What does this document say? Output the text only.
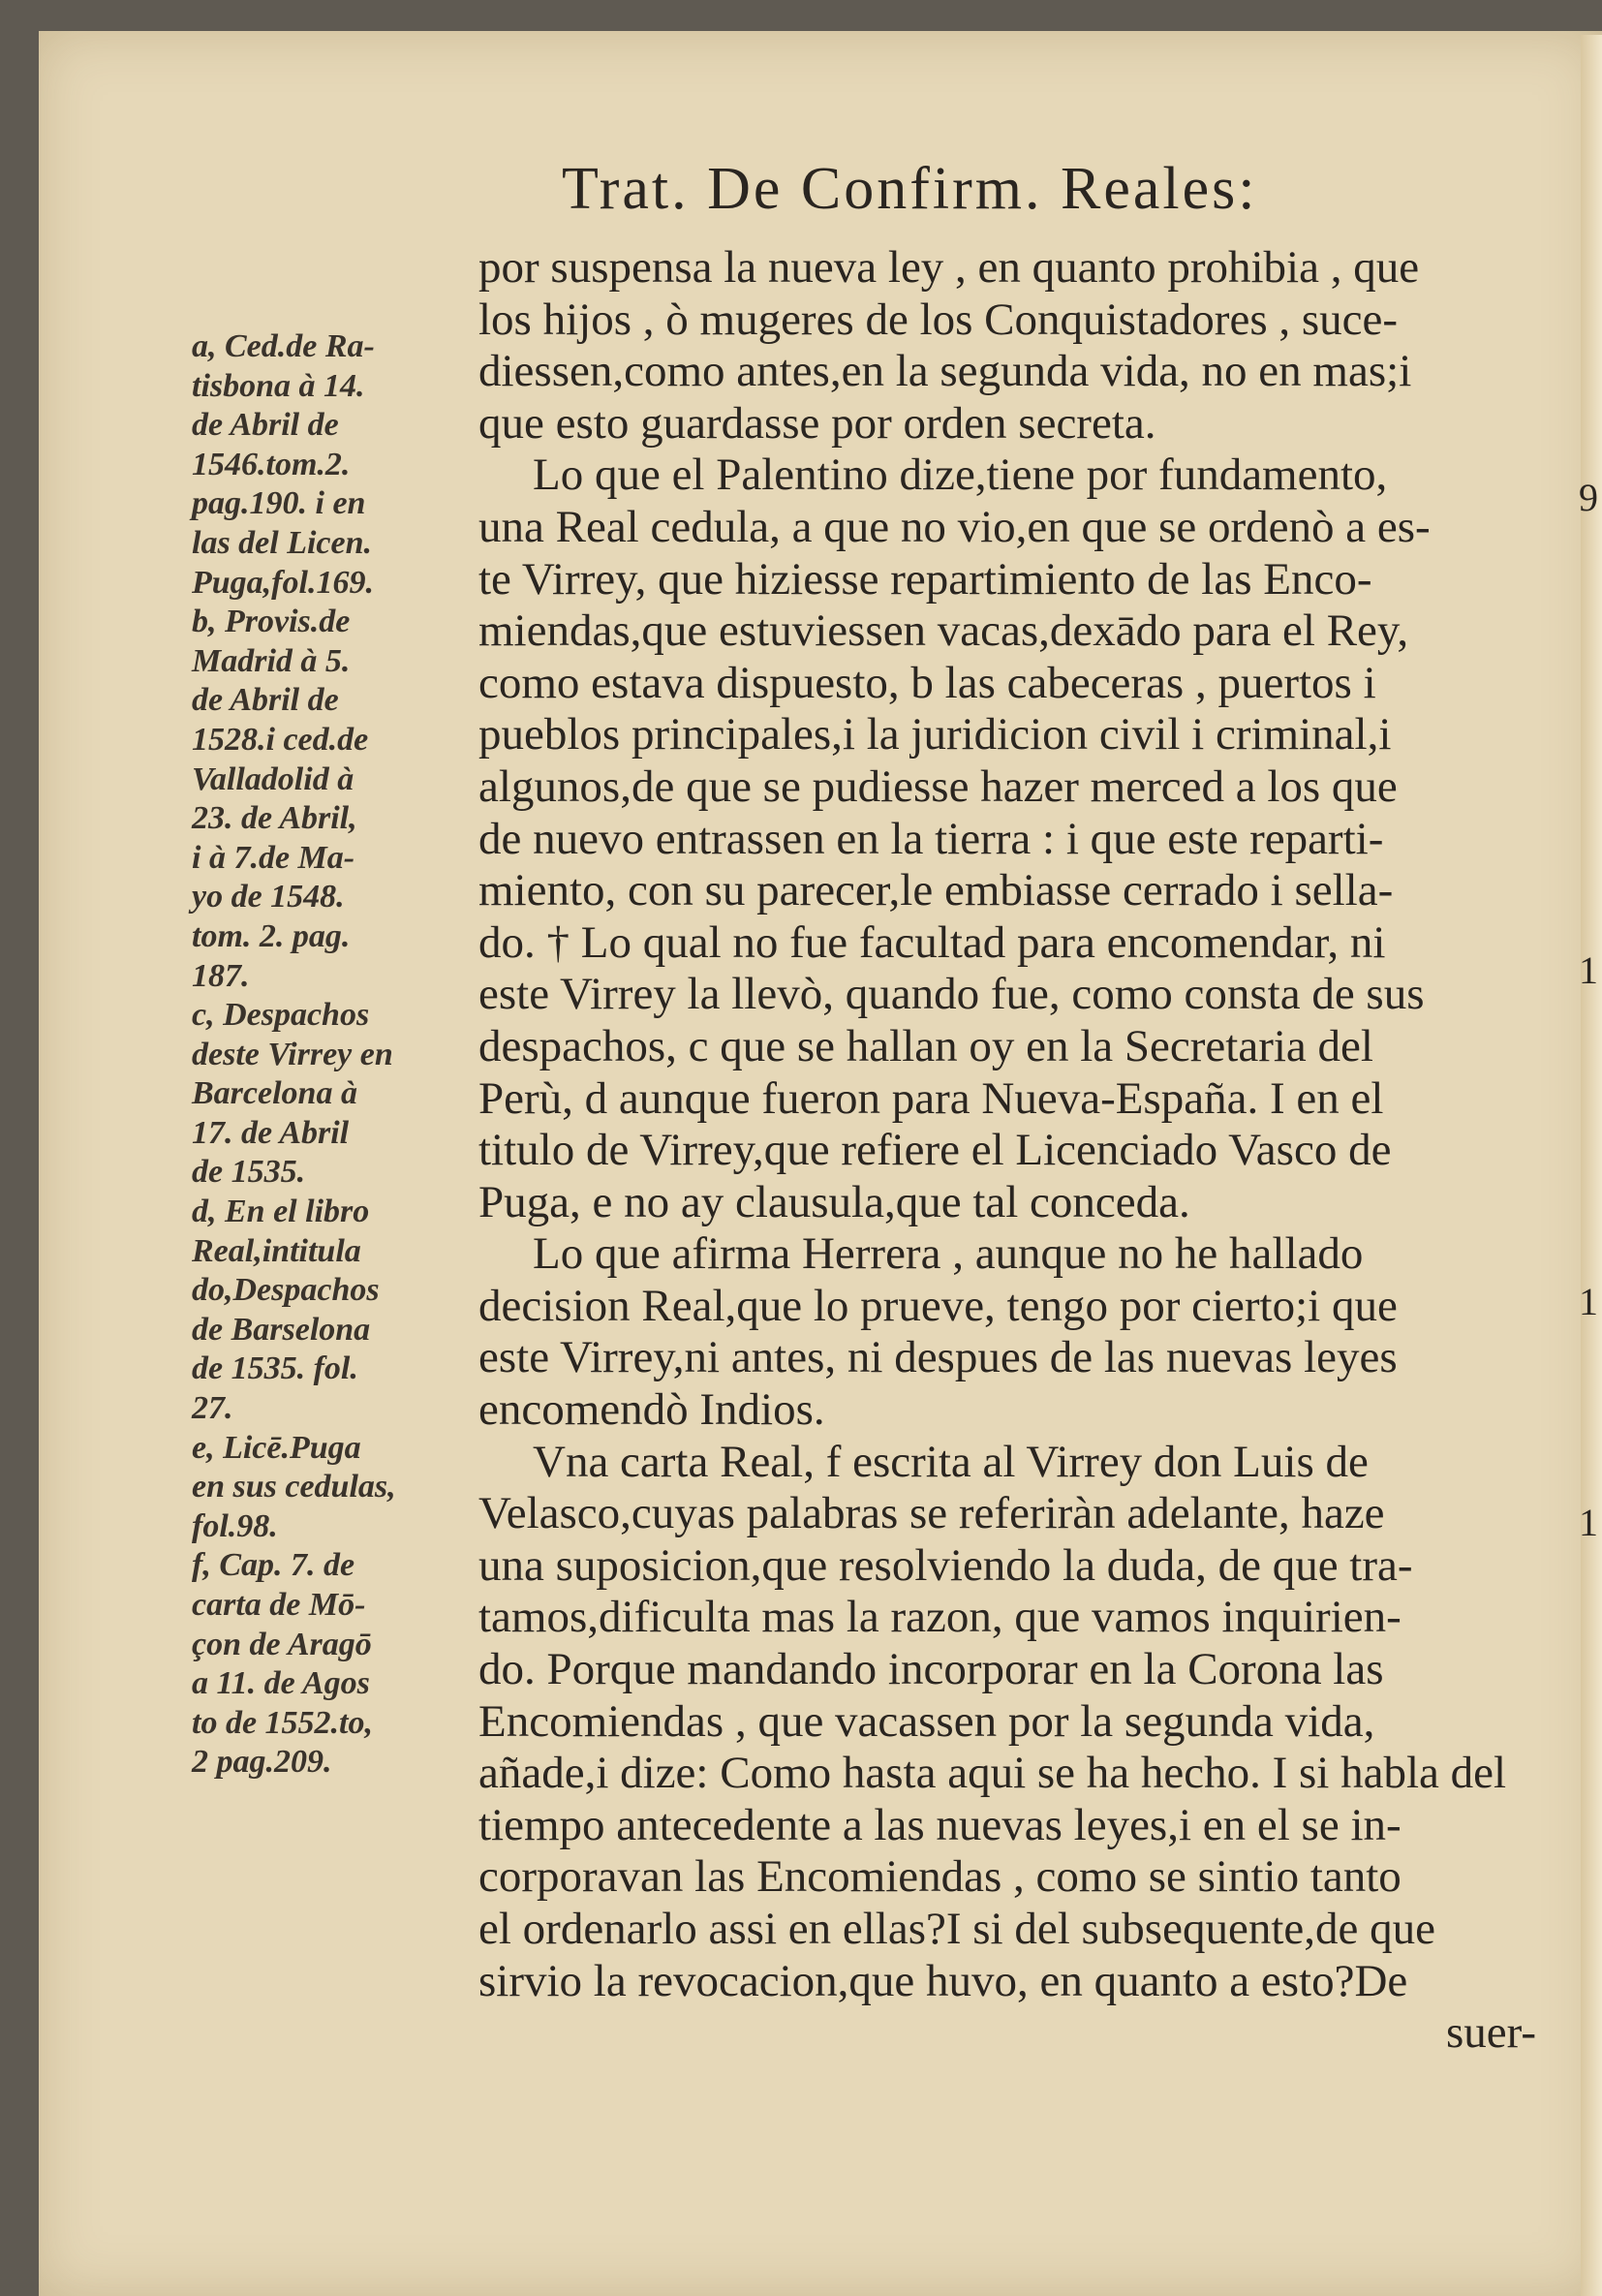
Trat. De Confirm. Reales:
a, Ced.de Ra-
tisbona à 14.
de Abril de
1546.tom.2.
pag.190. i en
las del Licen.
Puga,fol.169.
b, Provis.de
Madrid à 5.
de Abril de
1528.i ced.de
Valladolid à
23. de Abril,
i à 7.de Ma-
yo de 1548.
tom. 2. pag.
187.
c, Despachos
deste Virrey en
Barcelona à
17. de Abril
de 1535.
d, En el libro
Real,intitula
do,Despachos
de Barselona
de 1535. fol.
27.
e, Licē.Puga
en sus cedulas,
fol.98.
f, Cap. 7. de
carta de Mō-
çon de Aragō
a 11. de Agos
to de 1552.to,
2 pag.209.
por suspensa la nueva ley , en quanto prohibia , que
los hijos , ò mugeres de los Conquistadores , suce-
diessen,como antes,en la segunda vida, no en mas;i
que esto guardasse por orden secreta.
Lo que el Palentino dize,tiene por fundamento,
una Real cedula, a que no vio,en que se ordenò a es-
te Virrey, que hiziesse repartimiento de las Enco-
miendas,que estuviessen vacas,dexādo para el Rey,
como estava dispuesto, b las cabeceras , puertos i
pueblos principales,i la juridicion civil i criminal,i
algunos,de que se pudiesse hazer merced a los que
de nuevo entrassen en la tierra : i que este reparti-
miento, con su parecer,le embiasse cerrado i sella-
do. † Lo qual no fue facultad para encomendar, ni
este Virrey la llevò, quando fue, como consta de sus
despachos, c que se hallan oy en la Secretaria del
Perù, d aunque fueron para Nueva-España. I en el
titulo de Virrey,que refiere el Licenciado Vasco de
Puga, e no ay clausula,que tal conceda.
Lo que afirma Herrera , aunque no he hallado
decision Real,que lo prueve, tengo por cierto;i que
este Virrey,ni antes, ni despues de las nuevas leyes
encomendò Indios.
Vna carta Real, f escrita al Virrey don Luis de
Velasco,cuyas palabras se referiràn adelante, haze
una suposicion,que resolviendo la duda, de que tra-
tamos,dificulta mas la razon, que vamos inquirien-
do. Porque mandando incorporar en la Corona las
Encomiendas , que vacassen por la segunda vida,
añade,i dize: Como hasta aqui se ha hecho. I si habla del
tiempo antecedente a las nuevas leyes,i en el se in-
corporavan las Encomiendas , como se sintio tanto
el ordenarlo assi en ellas?I si del subsequente,de que
sirvio la revocacion,que huvo, en quanto a esto?De
suer-
9
1
1
1
